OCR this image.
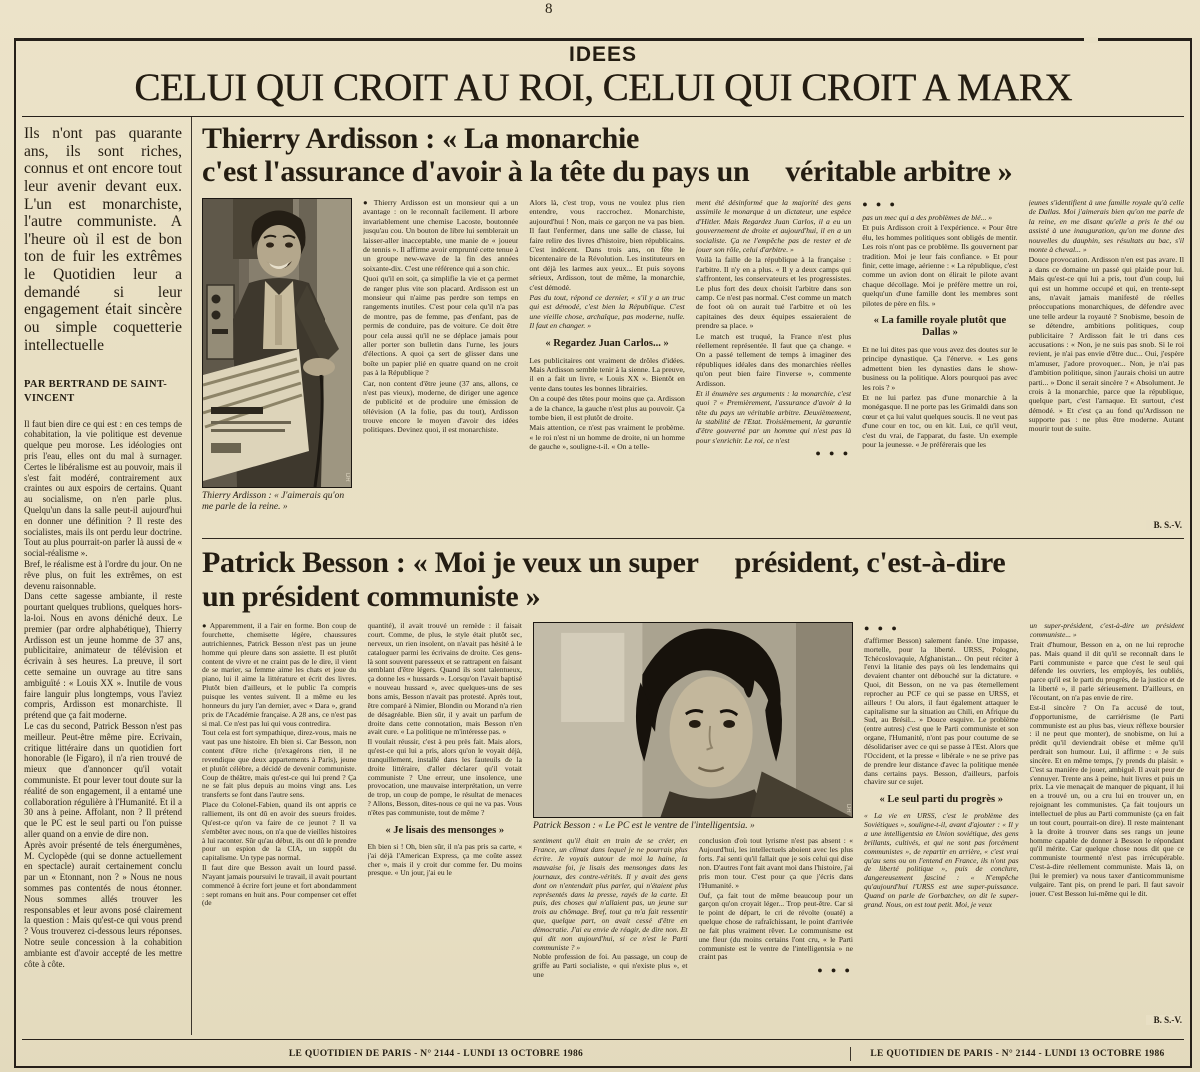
8
IDEES
CELUI QUI CROIT AU ROI, CELUI QUI CROIT A MARX

Ils n'ont pas quarante ans, ils sont riches, connus et ont encore tout leur avenir devant eux. L'un est monarchiste, l'autre communiste. A l'heure où il est de bon ton de fuir les extrêmes le Quotidien leur a demandé si leur engagement était sincère ou simple coquetterie intellectuelle

PAR BERTRAND DE SAINT-VINCENT

Il faut bien dire ce qui est : en ces temps de cohabitation, la vie politique est devenue quelque peu morose. Les idéologies ont pris l'eau, elles ont du mal à surnager. Certes le libéralisme est au pouvoir, mais il s'est fait modéré, contrairement aux craintes ou aux espoirs de certains. Quant au socialisme, on n'en parle plus. Quelqu'un dans la salle peut-il aujourd'hui en donner une définition ? Il reste des socialistes, mais ils ont perdu leur doctrine. Tout au plus pourrait-on parler là aussi de « social-réalisme ».

Bref, le réalisme est à l'ordre du jour. On ne rêve plus, on fuit les extrêmes, on est devenu raisonnable.

Dans cette sagesse ambiante, il reste pourtant quelques trublions, quelques hors-la-loi. Nous en avons déniché deux. Le premier (par ordre alphabétique), Thierry Ardisson est un jeune homme de 37 ans, publicitaire, animateur de télévision et écrivain à ses heures. La preuve, il sort cette semaine un ouvrage au titre sans ambiguïté : « Louis XX ». Inutile de vous faire languir plus longtemps, vous l'aviez compris, Ardisson est monarchiste. Il prétend que ça fait moderne.

Le cas du second, Patrick Besson n'est pas meilleur. Peut-être même pire. Ecrivain, critique littéraire dans un quotidien fort honorable (le Figaro), il n'a rien trouvé de mieux que d'annoncer qu'il votait communiste. Et pour lever tout doute sur la réalité de son engagement, il a entamé une collaboration régulière à l'Humanité. Et il a 30 ans à peine. Affolant, non ? Il prétend que le PC est le seul parti ou l'on puisse aller quand on a envie de dire non.

Après avoir présenté de tels énergumènes, M. Cyclopède (qui se donne actuellement en spectacle) aurait certainement conclu par un « Etonnant, non ? » Nous ne nous sommes pas contentés de nous étonner. Nous sommes allés trouver les responsables et leur avons posé clairement la question : Mais qu'est-ce qui vous prend ? Vous trouverez ci-dessous leurs réponses. Notre seule concession à la cohabition ambiante est d'avoir accepté de les mettre côte à côte.

Thierry Ardisson : « La monarchie
c'est l'assurance d'avoir à la tête du pays un véritable arbitre »
DR
Thierry Ardisson : « J'aimerais qu'on me parle de la reine. »

● Thierry Ardisson est un monsieur qui a un avantage : on le reconnaît facilement. Il arbore invariablement une chemise Lacoste, boutonnée jusqu'au cou. Un bouton de libre lui semblerait un laisser-aller inacceptable, une manie de « joueur de tennis ». Il affirme avoir emprunté cette tenue à un groupe new-wave de la fin des années soixante-dix. C'est une référence qui a son chic.

Quoi qu'il en soit, ça simplifie la vie et ça permet de ranger plus vite son placard. Ardisson est un monsieur qui n'aime pas perdre son temps en rangements inutiles. C'est pour cela qu'il n'a pas de montre, pas de femme, pas d'enfant, pas de permis de conduire, pas de voiture. Ce doit être pour cela aussi qu'il ne se déplace jamais pour aller porter son bulletin dans l'urne, les jours d'élections. A quoi ça sert de glisser dans une boîte un papier plié en quatre quand on ne croit pas à la République ?

Car, non content d'être jeune (37 ans, allons, ce n'est pas vieux), moderne, de diriger une agence de publicité et de produire une émission de télévision (A la folie, pas du tout), Ardisson trouve encore le moyen d'avoir des idées politiques. Devinez quoi, il est monarchiste.

Alors là, c'est trop, vous ne voulez plus rien entendre, vous raccrochez. Monarchiste, aujourd'hui ! Non, mais ce garçon ne va pas bien. Il faut l'enfermer, dans une salle de classe, lui faire relire des livres d'histoire, bien républicains. C'est indécent. Dans trois ans, on fête le bicentenaire de la Révolution. Les instituteurs en ont déjà les larmes aux yeux... Et puis soyons sérieux, Ardisson, tout de même, la monarchie, c'est démodé.

Pas du tout, répond ce dernier, « s'il y a un truc qui est démodé, c'est bien la République. C'est une vieille chose, archaïque, pas moderne, nulle. Il faut en changer. »

« Regardez Juan Carlos... »

Les publicitaires ont vraiment de drôles d'idées. Mais Ardisson semble tenir à la sienne. La preuve, il en a fait un livre, « Louis XX ». Bientôt en vente dans toutes les bonnes librairies.

On a coupé des têtes pour moins que ça. Ardisson a de la chance, la gauche n'est plus au pouvoir. Ça tombe bien, il est plutôt de droite.

Mais attention, ce n'est pas vraiment le probème. « le roi n'est ni un homme de droite, ni un homme de gauche », souligne-t-il. « On a telle-

ment été désinformé que la majorité des gens assimile le monarque à un dictateur, une espèce d'Hitler. Mais Regardez Juan Carlos, il a eu un gouvernement de droite et aujourd'hui, il en a un socialiste. Ça ne l'empêche pas de rester et de jouer son rôle, celui d'arbitre. »

Voilà la faille de la république à la française : l'arbitre. Il n'y en a plus. « Il y a deux camps qui s'affrontent, les conservateurs et les progressistes. Le plus fort des deux choisit l'arbitre dans son camp. Ce n'est pas normal. C'est comme un match de foot où on aurait tué l'arbitre et où les capitaines des deux équipes essaieraient de prendre sa place. »

Le match est truqué, la France n'est plus réellement représentée. Il faut que ça change. « On a passé tellement de temps à imaginer des républiques idéales dans des monarchies réelles qu'on peut bien faire l'inverse », commente Ardisson.

Et il énumère ses arguments : la monarchie, c'est quoi ? « Premièrement, l'assurance d'avoir à la tête du pays un véritable arbitre. Deuxièmement, la stabilité de l'Etat. Troisièmement, la garantie d'être gouverné par un homme qui n'est pas là pour s'enrichir. Le roi, ce n'est

● ● ●

● ● ●

pas un mec qui a des problèmes de blé... »

Et puis Ardisson croit à l'expérience. « Pour être élu, les hommes politiques sont obligés de mentir. Les rois n'ont pas ce problème. Ils gouvernent par tradition. Moi je leur fais confiance. » Et pour finir, cette image, aérienne : « La république, c'est comme un avion dont on élirait le pilote avant chaque décollage. Moi je préfère mettre un roi, quelqu'un d'une famille dont les membres sont pilotes de père en fils. »

« La famille royale plutôt que Dallas »

Et ne lui dites pas que vous avez des doutes sur le principe dynastique. Ça l'énerve. « Les gens admettent bien les dynasties dans le show-business ou la politique. Alors pourquoi pas avec les rois ? »

Et ne lui parlez pas d'une monarchie à la monégasque. Il ne porte pas les Grimaldi dans son cœur et ça lui valut quelques soucis. Il ne veut pas d'une cour en toc, ou en kit. Lui, ce qu'il veut, c'est du vrai, de l'apparat, du faste. Un exemple pour la jeunesse. « Je préférerais que les

jeunes s'identifient à une famille royale qu'à celle de Dallas. Moi j'aimerais bien qu'on me parle de la reine, en me disant qu'elle a pris le thé ou assisté à une inauguration, qu'on me donne des nouvelles du dauphin, ses résultats au bac, s'il monte à cheval... »

Douce provocation. Ardisson n'en est pas avare. Il a dans ce domaine un passé qui plaide pour lui. Mais qu'est-ce qui lui a pris, tout d'un coup, lui qui est un homme occupé et qui, en trente-sept ans, n'avait jamais manifesté de réelles préoccupations monarchiques, de défendre avec une telle ardeur la royauté ? Snobisme, besoin de se détendre, ambitions politiques, coup publicitaire ? Ardisson fait le tri dans ces accusations : « Non, je ne suis pas snob. Si le roi revient, je n'ai pas envie d'être duc... Oui, j'espère m'amuser, j'adore provoquer... Non, je n'ai pas d'ambition politique, sinon j'aurais choisi un autre parti... » Donc il serait sincère ? « Absolument. Je crois à la monarchie, parce que la république, quelque part, c'est l'arnaque. Et surtout, c'est démodé. » Et c'est ça au fond qu'Ardisson ne supporte pas : ne plus être moderne. Autant mourir tout de suite.

B. S.-V.
Patrick Besson : « Moi je veux un super président, c'est-à-dire
un président communiste »

● Apparemment, il a l'air en forme. Bon coup de fourchette, chemisette légère, chaussures autrichiennes, Patrick Besson n'est pas un jeune homme qui pleure dans son assiette. Il est plutôt content de vivre et ne craint pas de le dire, il vient de se marier, sa femme aime les chats et joue du piano, lui il aime la littérature et écrit des livres. Plutôt bien d'ailleurs, et le public l'a compris puisque les ventes suivent. Il a même eu les honneurs du jury l'an dernier, avec « Dara », grand prix de l'Académie française. A 28 ans, ce n'est pas si mal. Ce n'est pas lui qui vous contredira.

Tout cela est fort sympathique, direz-vous, mais ne vaut pas une histoire. Eh bien si. Car Besson, non content d'être riche (n'exagérons rien, il ne revendique que deux appartements à Paris), jeune et plutôt célèbre, a décidé de devenir communiste. Coup de théâtre, mais qu'est-ce qui lui prend ? Ça ne se fait plus depuis au moins vingt ans. Les transferts se font dans l'autre sens.

Place du Colonel-Fabien, quand ils ont appris ce ralliement, ils ont dû en avoir des sueurs froides. Qu'est-ce qu'on va faire de ce jeunot ? Il va s'embêter avec nous, on n'a que de vieilles histoires à lui raconter. Sûr qu'au début, ils ont dû le prendre pour un espion de la CIA, un suppôt du capitalisme. Un type pas normal.

Il faut dire que Besson avait un lourd passé. N'ayant jamais poursuivi le travail, il avait pourtant commencé à écrire fort jeune et fort abondamment : sept romans en huit ans. Pour compenser cet effet (de

quantité), il avait trouvé un remède : il faisait court. Comme, de plus, le style était plutôt sec, nerveux, un rien insolent, on n'avait pas hésité à le cataloguer parmi les écrivains de droite. Ces gens-là sont souvent paresseux et se rattrapent en faisant semblant d'être légers. Quand ils sont talentueux, ça donne les « hussards ». Lorsqu'on l'avait baptisé « nouveau hussard », avec quelques-uns de ses bons amis, Besson n'avait pas protesté. Après tout, être comparé à Nimier, Blondin ou Morand n'a rien de désagréable. Bien sûr, il y avait un parfum de droite dans cette connotation, mais Besson n'en avait cure. « La politique ne m'intéresse pas. »

Il voulait réussir, c'est à peu près fait. Mais alors, qu'est-ce qui lui a pris, alors qu'on le voyait déjà, tranquillement, installé dans les fauteuils de la droite littéraire, d'aller déclarer qu'il votait communiste ? Une erreur, une insolence, une provocation, une mauvaise interprétation, un verre de trop, un coup de pompe, le résultat de menaces ? Allons, Besson, dites-nous ce qui ne va pas. Vous n'êtes pas communiste, tout de même ?

« Je lisais des mensonges »

Eh bien si ! Oh, bien sûr, il n'a pas pris sa carte, « j'ai déjà l'American Express, ça me coûte assez cher », mais il y croit dur comme fer. Du moins presque. « Un jour, j'ai eu le

DR
Patrick Besson : « Le PC est le ventre de l'intelligentsia. »

sentiment qu'il était en train de se créer, en France, un climat dans lequel je ne pourrais plus écrire. Je voyais autour de moi la haine, la mauvaise foi, je lisais des mensonges dans les journaux, des contre-vérités. Il y avait des gens dont on n'entendait plus parler, qui n'étaient plus représentés dans la presse, rayés de la carte. Et puis, des choses qui n'allaient pas, un jeune sur trois au chômage. Bref, tout ça m'a fait ressentir que, quelque part, on avait cessé d'être en démocratie. J'ai eu envie de réagir, de dire non. Et qui dit non aujourd'hui, si ce n'est le Parti communiste ? »

Noble profession de foi. Au passage, un coup de griffe au Parti socialiste, « qui n'existe plus », et une

conclusion d'où tout lyrisme n'est pas absent : « Aujourd'hui, les intellectuels aboient avec les plus forts. J'ai senti qu'il fallait que je sois celui qui dise non. D'autres l'ont fait avant moi dans l'histoire, j'ai pris mon tour. C'est pour ça que j'écris dans l'Humanité. »

Ouf, ça fait tout de même beaucoup pour un garçon qu'on croyait léger... Trop peut-être. Car si le point de départ, le cri de révolte (ouaté) a quelque chose de rafraîchissant, le point d'arrivée ne fait plus vraiment rêver. Le communisme est une fleur (du moins certains l'ont cru, « le Parti communiste est le ventre de l'intelligentsia » ne craint pas

● ● ●

● ● ●

d'affirmer Besson) salement fanée. Une impasse, mortelle, pour la liberté. URSS, Pologne, Tchécoslovaquie, Afghanistan... On peut réciter à l'envi la litanie des pays où les lendemains qui devaient chanter ont débouché sur la dictature. « Quoi, dit Besson, on ne va pas éternellement reprocher au PCF ce qui se passe en URSS, et ailleurs ! Ou alors, il faut également attaquer le capitalisme sur la situation au Chili, en Afrique du Sud, au Brésil... » Douce esquive. Le problème (entre autres) c'est que le Parti communiste et son organe, l'Humanité, n'ont pas pour coutume de se désolidariser avec ce qui se passe à l'Est. Alors que l'Occident, et la presse « libérale » ne se prive pas de prendre leur distance d'avec la politique menée dans certains pays. Besson, d'ailleurs, parfois chavire sur ce sujet.

« Le seul parti du progrès »

« La vie en URSS, c'est le problème des Soviétiques », souligne-t-il, avant d'ajouter : « Il y a une intelligentsia en Union soviétique, des gens brillants, cultivés, et qui ne sont pas forcément communistes », de repartir en arrière, « c'est vrai qu'au sens ou on l'entend en France, ils n'ont pas de liberté politique », puis de conclure, dangereusement fasciné : « N'empêche qu'aujourd'hui l'URSS est une super-puissance. Quand on parle de Gorbatchev, on dit le super-grand. Nous, on est tout petit. Moi, je veux

un super-président, c'est-à-dire un président communiste... »

Trait d'humour, Besson en a, on ne lui reproche pas. Mais quand il dit qu'il se reconnaît dans le Parti communiste « parce que c'est le seul qui défende les ouvriers, les employés, les oubliés, parce qu'il est le parti du progrès, de la justice et de la liberté », il parle sérieusement. D'ailleurs, en l'écoutant, on n'a pas envie de rire.

Est-il sincère ? On l'a accusé de tout, d'opportunisme, de carriérisme (le Parti communiste est au plus bas, vieux réflexe boursier : il ne peut que monter), de snobisme, on lui a prédit qu'il deviendrait obèse et même qu'il perdrait son humour. Lui, il affirme : « Je suis sincère. Et en même temps, j'y prends du plaisir. » C'est sa manière de jouer, ambiguë. Il avait peur de s'ennuyer. Trente ans à peine, huit livres et puis un prix. La vie menaçait de manquer de piquant, il lui en a trouvé un, ou a cru lui en trouver un, en rejoignant les communistes. Ça fait toujours un intellectuel de plus au Parti communiste (ça en fait un tout court, pourrait-on dire). Il reste maintenant à la droite à trouver dans ses rangs un jeune homme capable de donner à Besson le répondant qu'il mérite. Car quelque chose nous dit que ce communiste tourmenté n'est pas irrécupérable. C'est-à-dire réellement communiste. Mais là, on (lui le premier) va nous taxer d'anticommunisme vulgaire. Tant pis, on prend le pari. Il faut savoir jouer. C'est Besson lui-même qui le dit.

B. S.-V.
LE QUOTIDIEN DE PARIS - N° 2144 - LUNDI 13 OCTOBRE 1986	LE QUOTIDIEN DE PARIS - N° 2144 - LUNDI 13 OCTOBRE 1986
